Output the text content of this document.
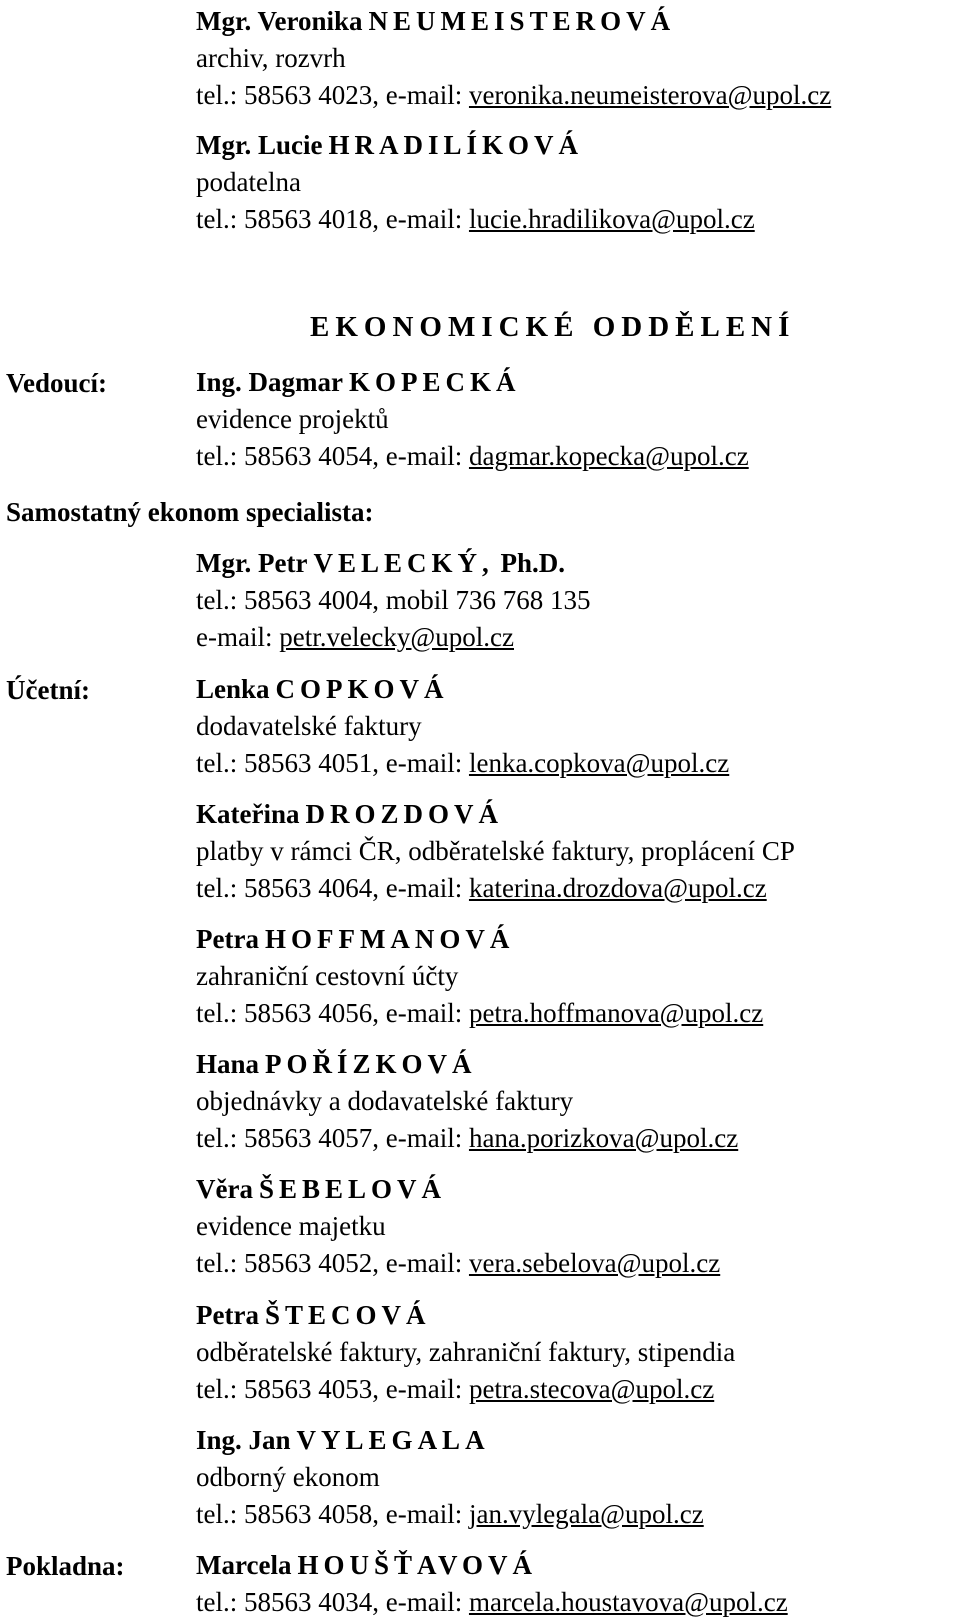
EKONOMICKÉ ODDĚLENÍ
Vedoucí:
Samostatný ekonom specialista:
Účetní:
Pokladna:
Mgr. Veronika NEUMEISTEROVÁ
archiv, rozvrh
tel.: 58563 4023, e-mail: veronika.neumeisterova@upol.cz
Mgr. Lucie HRADILÍKOVÁ
podatelna
tel.: 58563 4018, e-mail: lucie.hradilikova@upol.cz
Ing. Dagmar KOPECKÁ
evidence projektů
tel.: 58563 4054, e-mail: dagmar.kopecka@upol.cz
Mgr. Petr VELECKÝ, Ph.D.
tel.: 58563 4004, mobil 736 768 135
e-mail: petr.velecky@upol.cz
Lenka COPKOVÁ
dodavatelské faktury
tel.: 58563 4051, e-mail: lenka.copkova@upol.cz
Kateřina DROZDOVÁ
platby v rámci ČR, odběratelské faktury, proplácení CP
tel.: 58563 4064, e-mail: katerina.drozdova@upol.cz
Petra HOFFMANOVÁ
zahraniční cestovní účty
tel.: 58563 4056, e-mail: petra.hoffmanova@upol.cz
Hana POŘÍZKOVÁ
objednávky a dodavatelské faktury
tel.: 58563 4057, e-mail: hana.porizkova@upol.cz
Věra ŠEBELOVÁ
evidence majetku
tel.: 58563 4052, e-mail: vera.sebelova@upol.cz
Petra ŠTECOVÁ
odběratelské faktury, zahraniční faktury, stipendia
tel.: 58563 4053, e-mail: petra.stecova@upol.cz
Ing. Jan VYLEGALA
odborný ekonom
tel.: 58563 4058, e-mail: jan.vylegala@upol.cz
Marcela HOUŠŤAVOVÁ
tel.: 58563 4034, e-mail: marcela.houstavova@upol.cz
